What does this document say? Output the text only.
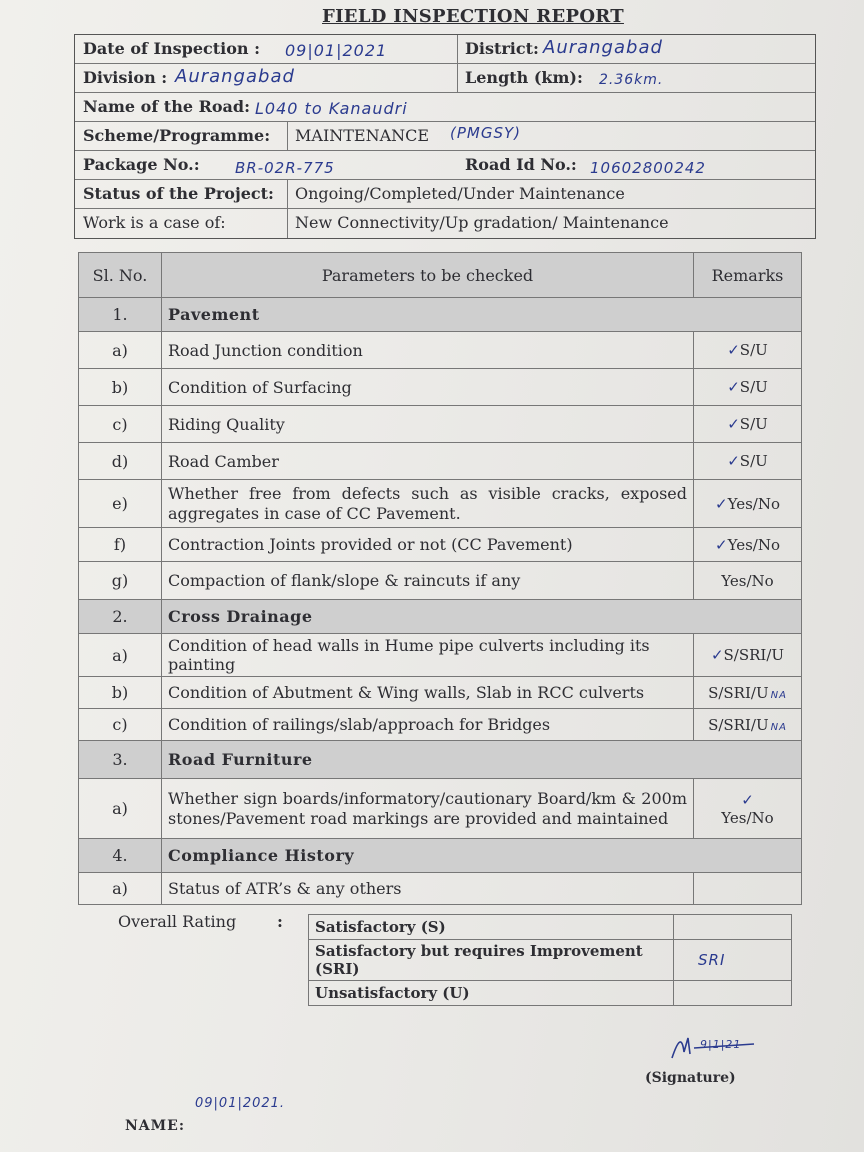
FIELD INSPECTION REPORT
Date of Inspection : 09|01|2021	District: Aurangabad
Division : Aurangabad	Length (km): 2.36km.
Name of the Road: L040 to Kanaudri
Scheme/Programme: MAINTENANCE (PMGSY)
Package No.: BR-02R-775	Road Id No.: 10602800242
Status of the Project: Ongoing/Completed/Under Maintenance
Work is a case of:	New Connectivity/Up gradation/ Maintenance
Sl. No.	Parameters to be checked	Remarks
1.	Pavement	
a)	Road Junction condition	✓S/U
b)	Condition of Surfacing	✓S/U
c)	Riding Quality	✓S/U
d)	Road Camber	✓S/U
e)	Whether free from defects such as visible cracks, exposed aggregates in case of CC Pavement.	✓Yes/No
f)	Contraction Joints provided or not (CC Pavement)	✓Yes/No
g)	Compaction of flank/slope & raincuts if any	Yes/No
2.	Cross Drainage	
a)	Condition of head walls in Hume pipe culverts including its painting	✓S/SRI/U
b)	Condition of Abutment & Wing walls, Slab in RCC culverts	S/SRI/U NA
c)	Condition of railings/slab/approach for Bridges	S/SRI/U NA
3.	Road Furniture	
a)	Whether sign boards/informatory/cautionary Board/km & 200m stones/Pavement road markings are provided and maintained	✓
Yes/No
4.	Compliance History	
a)	Status of ATR’s & any others	
Overall Rating	: Satisfactory (S)	
Satisfactory but requires Improvement (SRI)	SRI
Unsatisfactory (U)	
9|1|21
(Signature)
09|01|2021.
NAME:
